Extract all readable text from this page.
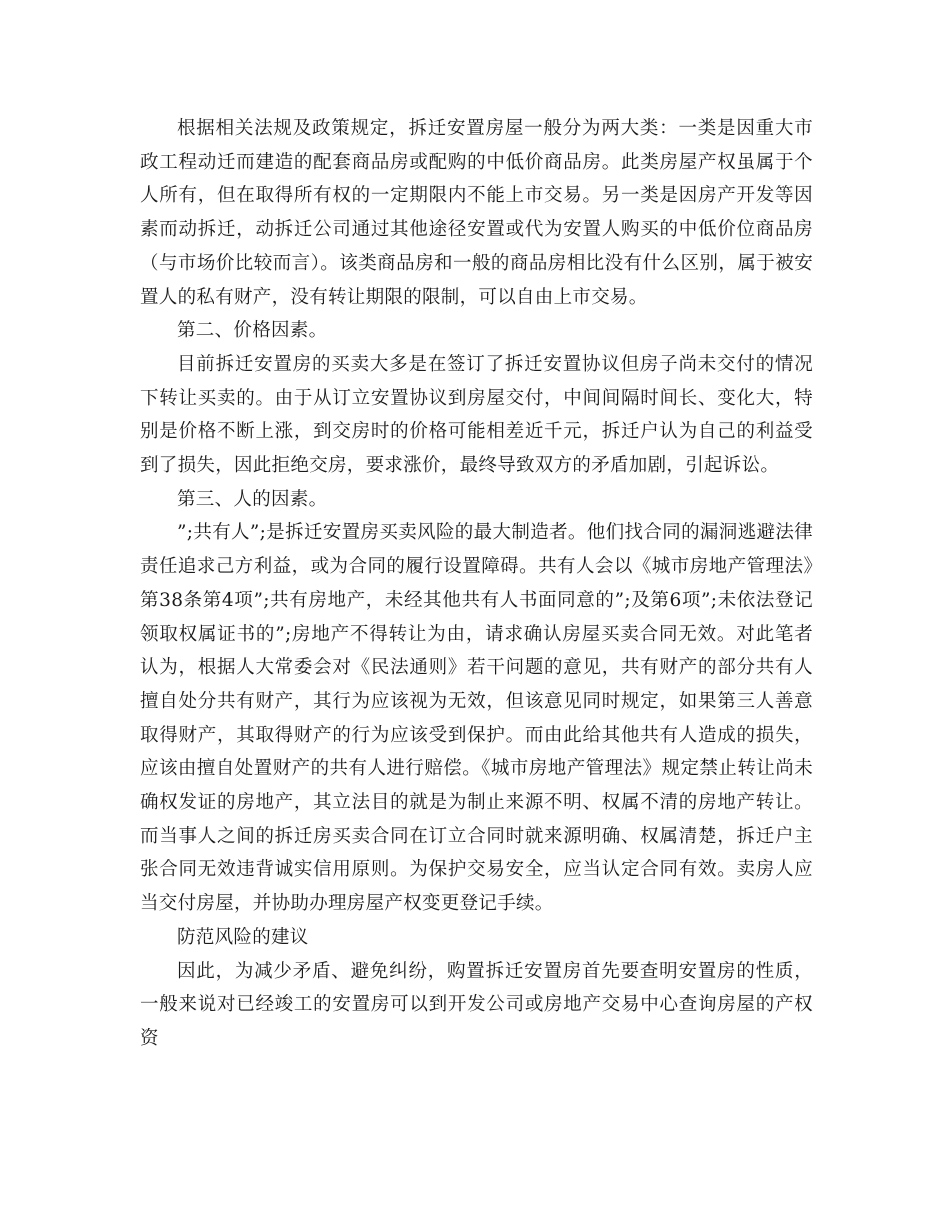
根据相关法规及政策规定，拆迁安置房屋一般分为两大类：一类是因重大市政工程动迁而建造的配套商品房或配购的中低价商品房。此类房屋产权虽属于个人所有，但在取得所有权的一定期限内不能上市交易。另一类是因房产开发等因素而动拆迁，动拆迁公司通过其他途径安置或代为安置人购买的中低价位商品房（与市场价比较而言）。该类商品房和一般的商品房相比没有什么区别，属于被安置人的私有财产，没有转让期限的限制，可以自由上市交易。

第二、价格因素。

目前拆迁安置房的买卖大多是在签订了拆迁安置协议但房子尚未交付的情况下转让买卖的。由于从订立安置协议到房屋交付，中间间隔时间长、变化大，特别是价格不断上涨，到交房时的价格可能相差近千元，拆迁户认为自己的利益受到了损失，因此拒绝交房，要求涨价，最终导致双方的矛盾加剧，引起诉讼。

第三、人的因素。

”;共有人”;是拆迁安置房买卖风险的最大制造者。他们找合同的漏洞逃避法律责任追求己方利益，或为合同的履行设置障碍。共有人会以《城市房地产管理法》第38条第4项”;共有房地产，未经其他共有人书面同意的”;及第6项”;未依法登记领取权属证书的”;房地产不得转让为由，请求确认房屋买卖合同无效。对此笔者认为，根据人大常委会对《民法通则》若干问题的意见，共有财产的部分共有人擅自处分共有财产，其行为应该视为无效，但该意见同时规定，如果第三人善意取得财产，其取得财产的行为应该受到保护。而由此给其他共有人造成的损失，应该由擅自处置财产的共有人进行赔偿。《城市房地产管理法》规定禁止转让尚未确权发证的房地产，其立法目的就是为制止来源不明、权属不清的房地产转让。而当事人之间的拆迁房买卖合同在订立合同时就来源明确、权属清楚，拆迁户主张合同无效违背诚实信用原则。为保护交易安全，应当认定合同有效。卖房人应当交付房屋，并协助办理房屋产权变更登记手续。

防范风险的建议

因此，为减少矛盾、避免纠纷，购置拆迁安置房首先要查明安置房的性质，一般来说对已经竣工的安置房可以到开发公司或房地产交易中心查询房屋的产权资
